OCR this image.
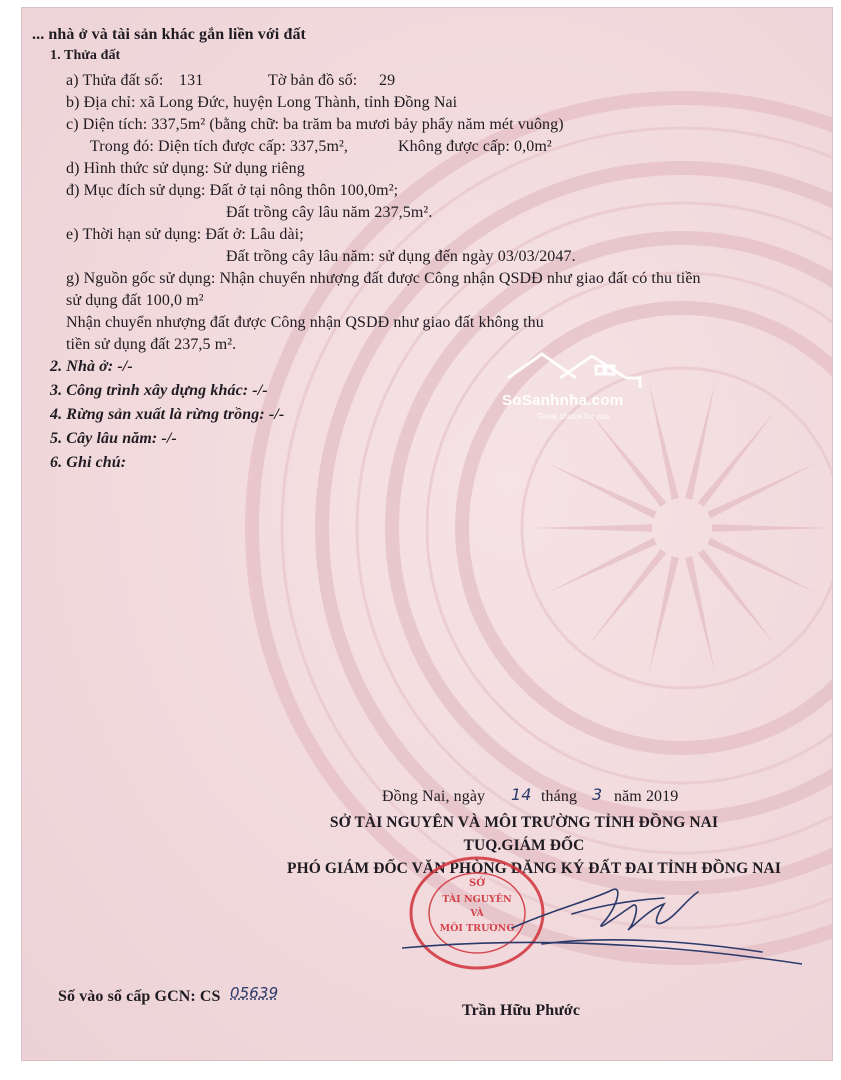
... nhà ở và tài sản khác gắn liền với đất
1. Thửa đất
a) Thửa đất số: 131	Tờ bản đồ số: 29
b) Địa chỉ: xã Long Đức, huyện Long Thành, tỉnh Đồng Nai
c) Diện tích: 337,5m² (bằng chữ: ba trăm ba mươi bảy phẩy năm mét vuông)
Trong đó: Diện tích được cấp: 337,5m²,	Không được cấp: 0,0m²
d) Hình thức sử dụng: Sử dụng riêng
đ) Mục đích sử dụng: Đất ở tại nông thôn 100,0m²;
Đất trồng cây lâu năm 237,5m².
e) Thời hạn sử dụng: Đất ở: Lâu dài;
Đất trồng cây lâu năm: sử dụng đến ngày 03/03/2047.
g) Nguồn gốc sử dụng: Nhận chuyển nhượng đất được Công nhận QSDĐ như giao đất có thu tiền
sử dụng đất 100,0 m²
Nhận chuyển nhượng đất được Công nhận QSDĐ như giao đất không thu
tiền sử dụng đất 237,5 m².
2. Nhà ở: -/-
3. Công trình xây dựng khác: -/-
4. Rừng sản xuất là rừng trồng: -/-
5. Cây lâu năm: -/-
6. Ghi chú:
SoSanhnha.com
Great choice for you
Đồng Nai, ngày 14 tháng 3 năm 2019
SỞ TÀI NGUYÊN VÀ MÔI TRƯỜNG TỈNH ĐỒNG NAI
TUQ.GIÁM ĐỐC
PHÓ GIÁM ĐỐC VĂN PHÒNG ĐĂNG KÝ ĐẤT ĐAI TỈNH ĐỒNG NAI
SỞ
TÀI NGUYÊN
VÀ
MÔI TRƯỜNG
Số vào sổ cấp GCN: CS 05639
Trần Hữu Phước
